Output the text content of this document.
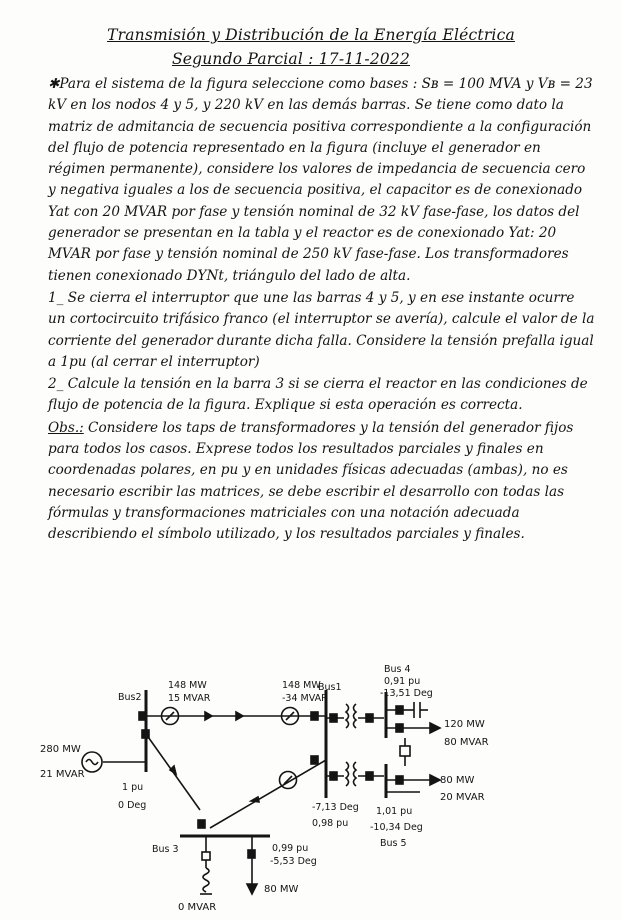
Transmisión y Distribución de la Energía Eléctrica
Segundo Parcial : 17-11-2022

✱Para el sistema de la figura seleccione como bases : Sʙ = 100 MVA y Vʙ = 23 kV en los nodos 4 y 5, y 220 kV en las demás barras. Se tiene como dato la matriz de admitancia de secuencia positiva correspondiente a la configuración del flujo de potencia representado en la figura (incluye el generador en régimen permanente), considere los valores de impedancia de secuencia cero y negativa iguales a los de secuencia positiva, el capacitor es de conexionado Yat con 20 MVAR por fase y tensión nominal de 32 kV fase-fase, los datos del generador se presentan en la tabla y el reactor es de conexionado Yat: 20 MVAR por fase y tensión nominal de 250 kV fase-fase. Los transformadores tienen conexionado DYNt, triángulo del lado de alta.

1_ Se cierra el interruptor que une las barras 4 y 5, y en ese instante ocurre un cortocircuito trifásico franco (el interruptor se avería), calcule el valor de la corriente del generador durante dicha falla. Considere la tensión prefalla igual a 1pu (al cerrar el interruptor)

2_ Calcule la tensión en la barra 3 si se cierra el reactor en las condiciones de flujo de potencia de la figura. Explique si esta operación es correcta.

Obs.: Considere los taps de transformadores y la tensión del generador fijos para todos los casos. Exprese todos los resultados parciales y finales en coordenadas polares, en pu y en unidades físicas adecuadas (ambas), no es necesario escribir las matrices, se debe escribir el desarrollo con todas las fórmulas y transformaciones matriciales con una notación adecuada describiendo el símbolo utilizado, y los resultados parciales y finales.

Bus2
148 MW
15 MVAR
148 MW
-34 MVAR
Bus1
280 MW
21 MVAR
1 pu
0 Deg	-7,13 Deg
0,98 pu
Bus 4
0,91 pu
-13,51 Deg
120 MW
80 MVAR
80 MW
20 MVAR
1,01 pu
-10,34 Deg
Bus 5
Bus 3	0,99 pu
-5,53 Deg
80 MW
0 MVAR
